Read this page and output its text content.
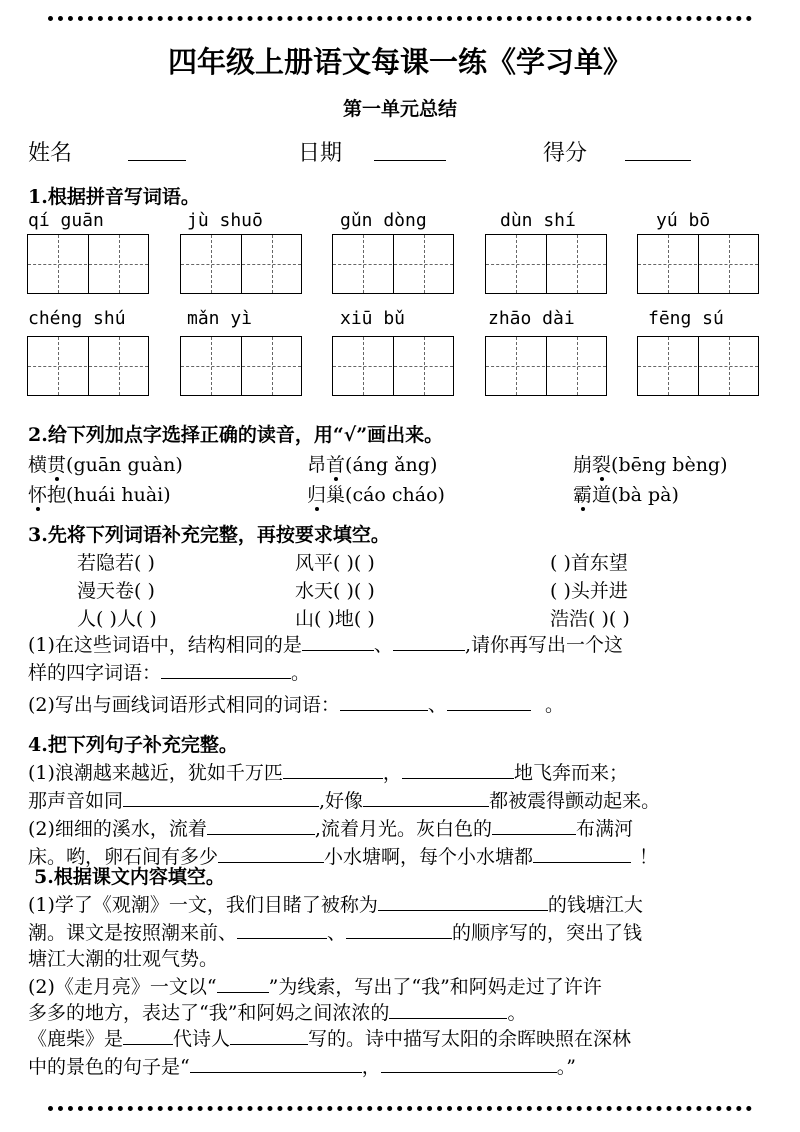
四年级上册语文每课一练《学习单》
第一单元总结
姓名	日期	得分
1.根据拼音写词语。
qí guān	jù shuō	gǔn dòng	dùn shí	yú bō
chéng shú	mǎn yì	xiū bǔ	zhāo dài	fēng sú
2.给下列加点字选择正确的读音，用“√”画出来。
横贯(guān guàn)	昂首(áng ǎng)	崩裂(bēng bèng)
怀抱(huái huài)	归巢(cáo cháo)	霸道(bà pà)
3.先将下列词语补充完整，再按要求填空。
若隐若( )	风平( )( )	( )首东望
漫天卷( )	水天( )( )	( )头并进
人( )人( )	山( )地( )	浩浩( )( )
(1)在这些词语中，结构相同的是	、	,请你再写出一个这
样的四字词语：	。
(2)写出与画线词语形式相同的词语：	、	。
4.把下列句子补充完整。
(1)浪潮越来越近，犹如千万匹	，	地飞奔而来；
那声音如同	,好像	都被震得颤动起来。
(2)细细的溪水，流着	,流着月光。灰白色的	布满河
床。哟，卵石间有多少	小水塘啊，每个小水塘都	！
5.根据课文内容填空。
(1)学了《观潮》一文，我们目睹了被称为	的钱塘江大
潮。课文是按照潮来前、	、	的顺序写的，突出了钱
塘江大潮的壮观气势。
(2)《走月亮》一文以“	”为线索，写出了“我”和阿妈走过了许许
多多的地方，表达了“我”和阿妈之间浓浓的	。
《鹿柴》是	代诗人	写的。诗中描写太阳的余晖映照在深林
中的景色的句子是“	，	。”
